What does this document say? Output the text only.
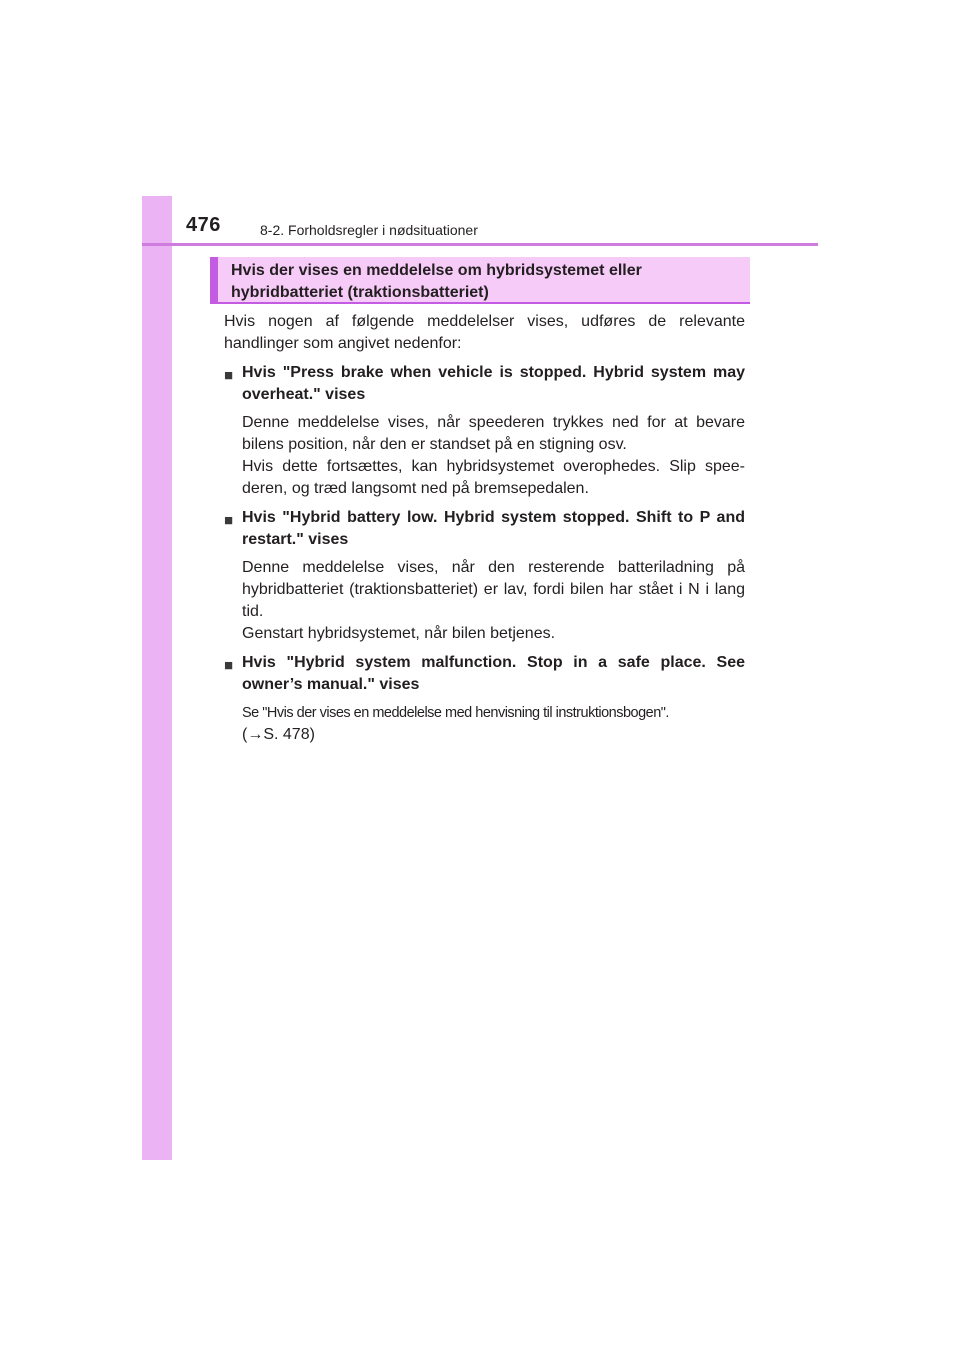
476	8-2. Forholdsregler i nødsituationer
Hvis der vises en meddelelse om hybridsystemet eller
hybridbatteriet (traktionsbatteriet)

Hvis nogen af følgende meddelelser vises, udføres de relevante handlinger som angivet nedenfor:

■ Hvis "Press brake when vehicle is stopped. Hybrid system may overheat." vises

Denne meddelelse vises, når speederen trykkes ned for at bevare bilens position, når den er standset på en stigning osv.

Hvis dette fortsættes, kan hybridsystemet overophedes. Slip spee-deren, og træd langsomt ned på bremsepedalen.

■ Hvis "Hybrid battery low. Hybrid system stopped. Shift to P and restart." vises

Denne meddelelse vises, når den resterende batteriladning på hybridbatteriet (traktionsbatteriet) er lav, fordi bilen har stået i N i lang tid.

Genstart hybridsystemet, når bilen betjenes.

■ Hvis "Hybrid system malfunction. Stop in a safe place. See owner’s manual." vises

Se "Hvis der vises en meddelelse med henvisning til instruktionsbogen".

(→S. 478)
